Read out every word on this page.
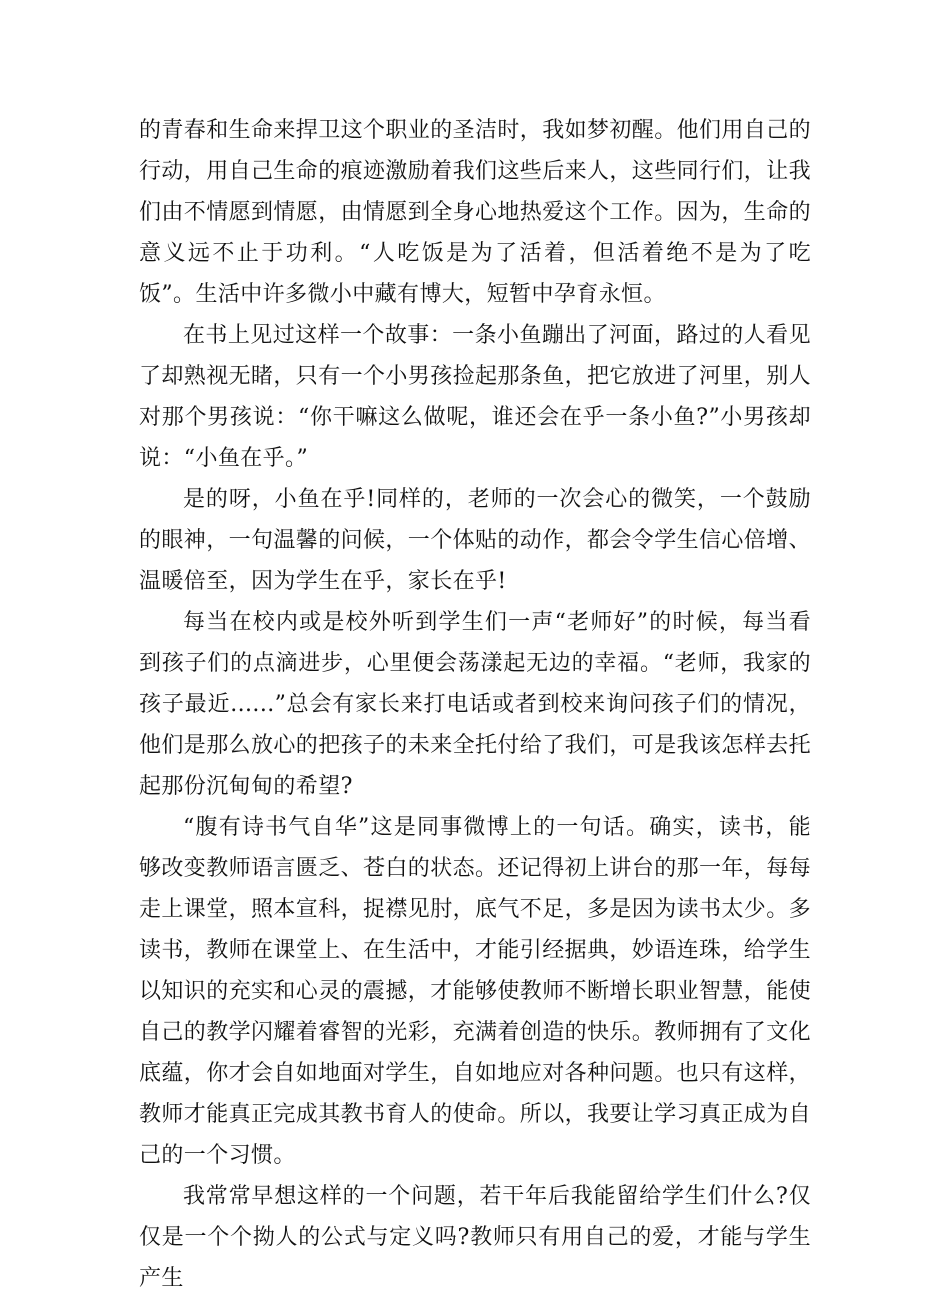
的青春和生命来捍卫这个职业的圣洁时，我如梦初醒。他们用自己的行动，用自己生命的痕迹激励着我们这些后来人，这些同行们，让我们由不情愿到情愿，由情愿到全身心地热爱这个工作。因为，生命的意义远不止于功利。“人吃饭是为了活着，但活着绝不是为了吃饭”。生活中许多微小中藏有博大，短暂中孕育永恒。

在书上见过这样一个故事：一条小鱼蹦出了河面，路过的人看见了却熟视无睹，只有一个小男孩捡起那条鱼，把它放进了河里，别人对那个男孩说：“你干嘛这么做呢，谁还会在乎一条小鱼?”小男孩却说：“小鱼在乎。”

是的呀，小鱼在乎!同样的，老师的一次会心的微笑，一个鼓励的眼神，一句温馨的问候，一个体贴的动作，都会令学生信心倍增、温暖倍至，因为学生在乎，家长在乎!

每当在校内或是校外听到学生们一声“老师好”的时候，每当看到孩子们的点滴进步，心里便会荡漾起无边的幸福。“老师，我家的孩子最近......”总会有家长来打电话或者到校来询问孩子们的情况，他们是那么放心的把孩子的未来全托付给了我们，可是我该怎样去托起那份沉甸甸的希望?

“腹有诗书气自华”这是同事微博上的一句话。确实，读书，能够改变教师语言匮乏、苍白的状态。还记得初上讲台的那一年，每每走上课堂，照本宣科，捉襟见肘，底气不足，多是因为读书太少。多读书，教师在课堂上、在生活中，才能引经据典，妙语连珠，给学生以知识的充实和心灵的震撼，才能够使教师不断增长职业智慧，能使自己的教学闪耀着睿智的光彩，充满着创造的快乐。教师拥有了文化底蕴，你才会自如地面对学生，自如地应对各种问题。也只有这样，教师才能真正完成其教书育人的使命。所以，我要让学习真正成为自己的一个习惯。

我常常早想这样的一个问题，若干年后我能留给学生们什么?仅仅是一个个拗人的公式与定义吗?教师只有用自己的爱，才能与学生产生
